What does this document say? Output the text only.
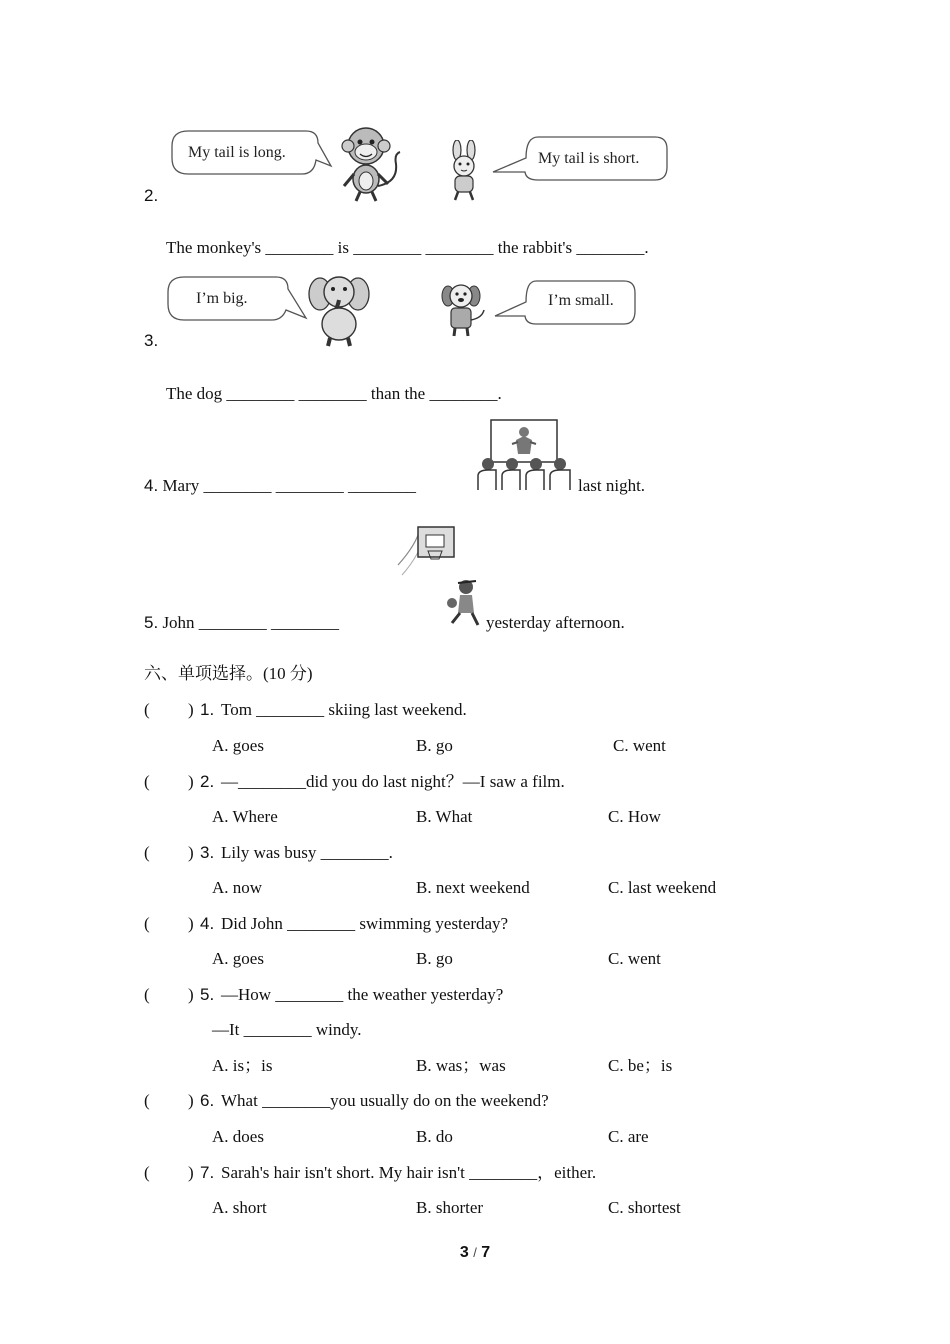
My tail is long.	My tail is short.
2.
The monkey's ________ is ________ ________ the rabbit's ________.
I’m big.	I’m small.
3.
The dog ________ ________ than the ________.
4. Mary ________ ________ ________	last night.
5. John ________ ________	yesterday afternoon.
六、单项选择。(10 分)
( ) 1. Tom ________ skiing last weekend.
A. goes	B. go	C. went
( ) 2. —________did you do last night？—I saw a film.
A. Where	B. What	C. How
( ) 3. Lily was busy ________.
A. now	B. next weekend	C. last weekend
( ) 4. Did John ________ swimming yesterday?
A. goes	B. go	C. went
( ) 5. —How ________ the weather yesterday?
—It ________ windy.
A. is；is	B. was；was	C. be；is
( ) 6. What ________you usually do on the weekend?
A. does	B. do	C. are
( ) 7. Sarah's hair isn't short. My hair isn't ________，either.
A. short	B. shorter	C. shortest
3 / 7
